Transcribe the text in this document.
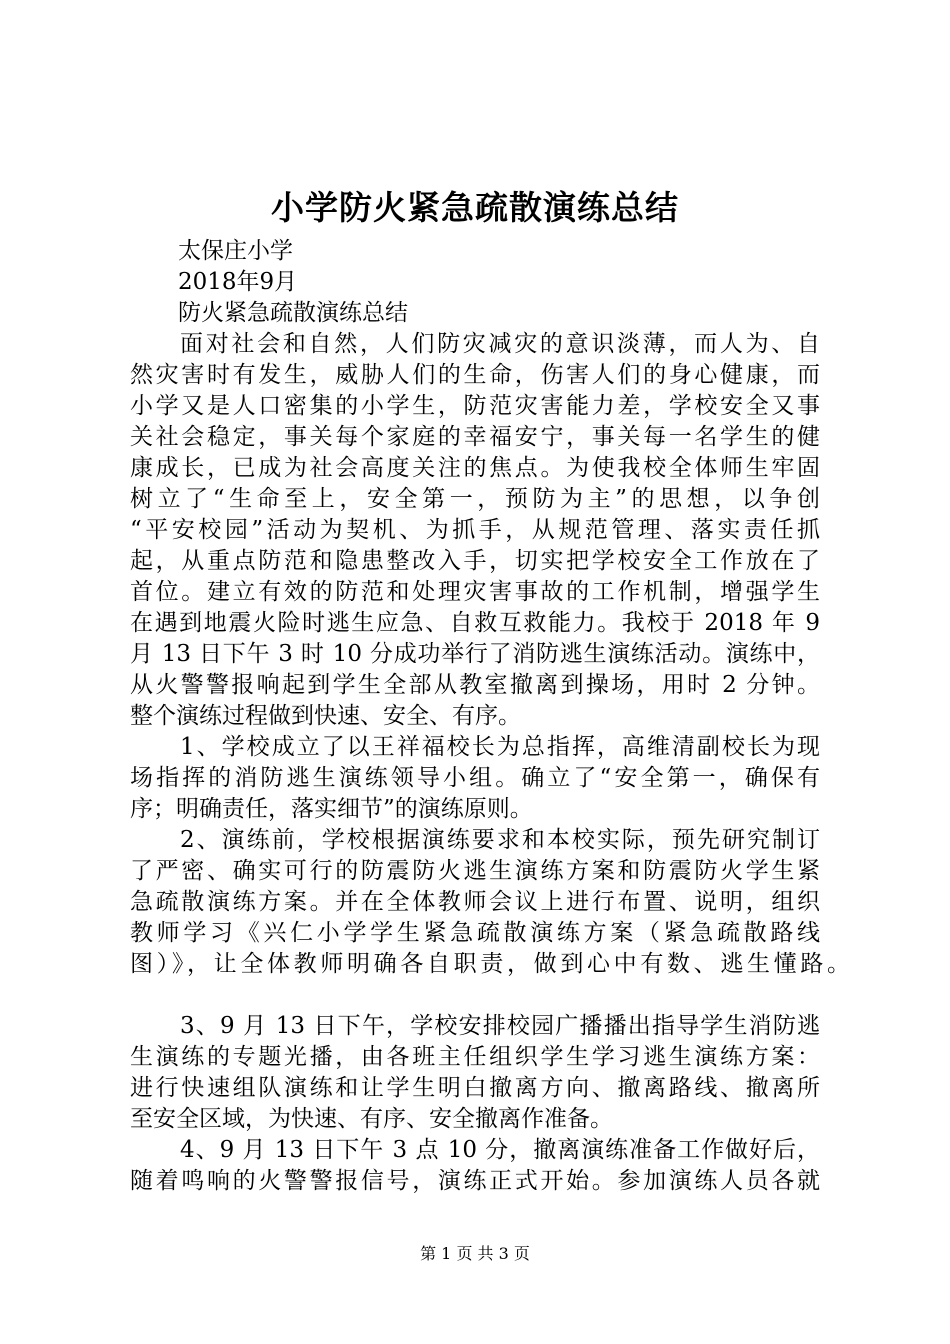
小学防火紧急疏散演练总结
太保庄小学
2018年9月
防火紧急疏散演练总结
面对社会和自然，人们防灾减灾的意识淡薄，而人为、自
然灾害时有发生，威胁人们的生命，伤害人们的身心健康，而
小学又是人口密集的小学生，防范灾害能力差，学校安全又事
关社会稳定，事关每个家庭的幸福安宁，事关每一名学生的健
康成长，已成为社会高度关注的焦点。为使我校全体师生牢固
树立了“生命至上，安全第一，预防为主”的思想，以争创
“平安校园”活动为契机、为抓手，从规范管理、落实责任抓
起，从重点防范和隐患整改入手，切实把学校安全工作放在了
首位。建立有效的防范和处理灾害事故的工作机制，增强学生
在遇到地震火险时逃生应急、自救互救能力。我校于 2018 年 9
月 13 日下午 3 时 10 分成功举行了消防逃生演练活动。演练中，
从火警警报响起到学生全部从教室撤离到操场，用时 2 分钟。
整个演练过程做到快速、安全、有序。
1、学校成立了以王祥福校长为总指挥，高维清副校长为现
场指挥的消防逃生演练领导小组。确立了“安全第一，确保有
序；明确责任，落实细节”的演练原则。
2、演练前，学校根据演练要求和本校实际，预先研究制订
了严密、确实可行的防震防火逃生演练方案和防震防火学生紧
急疏散演练方案。并在全体教师会议上进行布置、说明，组织
教师学习《兴仁小学学生紧急疏散演练方案（紧急疏散路线
图）》，让全体教师明确各自职责，做到心中有数、逃生懂路。
3、9 月 13 日下午，学校安排校园广播播出指导学生消防逃
生演练的专题光播，由各班主任组织学生学习逃生演练方案：
进行快速组队演练和让学生明白撤离方向、撤离路线、撤离所
至安全区域，为快速、有序、安全撤离作准备。
4、9 月 13 日下午 3 点 10 分，撤离演练准备工作做好后，
随着鸣响的火警警报信号，演练正式开始。参加演练人员各就
第 1 页 共 3 页
